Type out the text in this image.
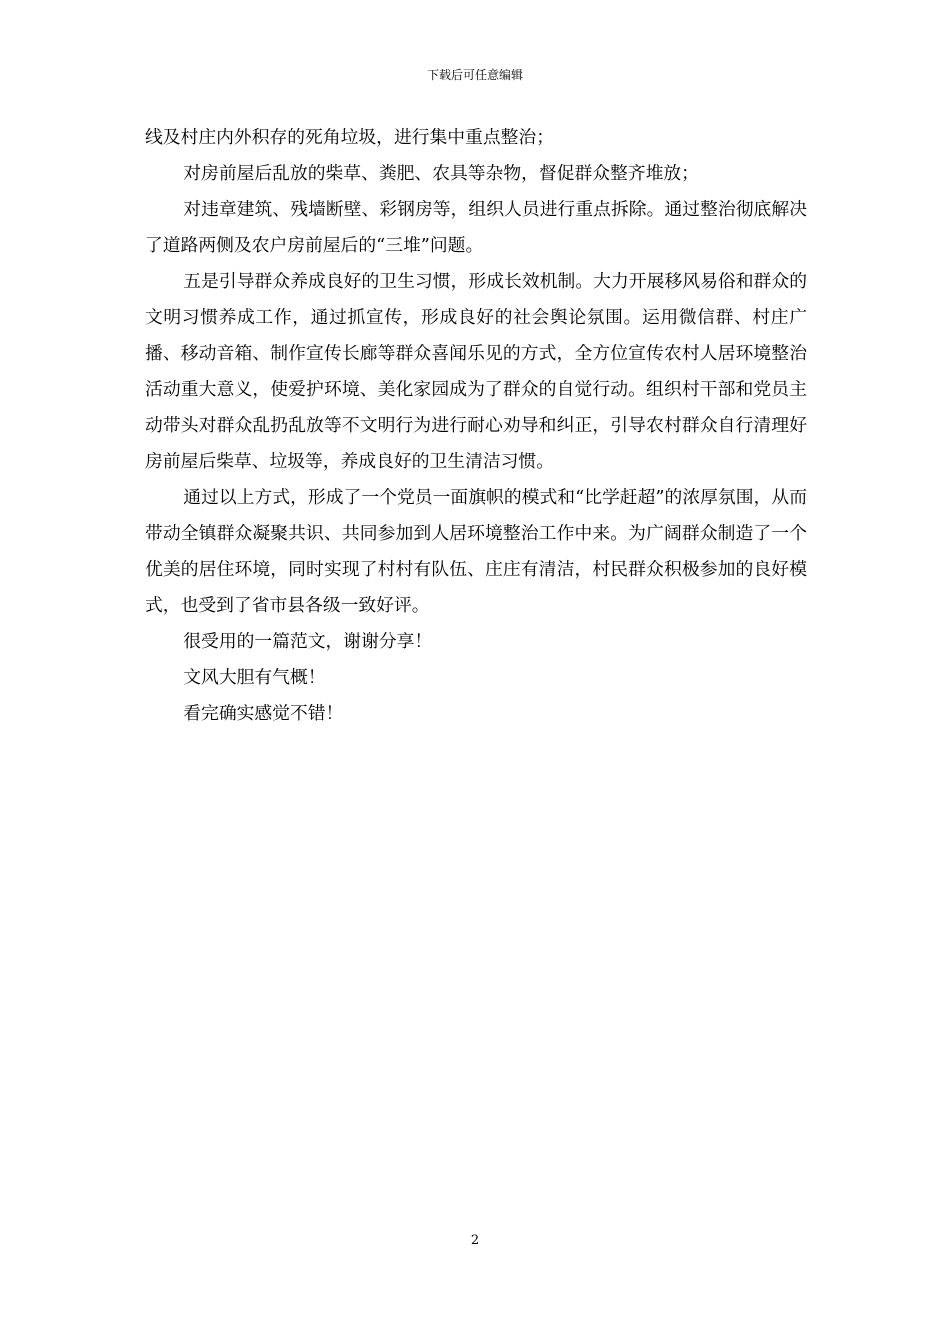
下载后可任意编辑

线及村庄内外积存的死角垃圾，进行集中重点整治；

对房前屋后乱放的柴草、粪肥、农具等杂物，督促群众整齐堆放；

对违章建筑、残墙断壁、彩钢房等，组织人员进行重点拆除。通过整治彻底解决了道路两侧及农户房前屋后的“三堆”问题。

五是引导群众养成良好的卫生习惯，形成长效机制。大力开展移风易俗和群众的文明习惯养成工作，通过抓宣传，形成良好的社会舆论氛围。运用微信群、村庄广播、移动音箱、制作宣传长廊等群众喜闻乐见的方式，全方位宣传农村人居环境整治活动重大意义，使爱护环境、美化家园成为了群众的自觉行动。组织村干部和党员主动带头对群众乱扔乱放等不文明行为进行耐心劝导和纠正，引导农村群众自行清理好房前屋后柴草、垃圾等，养成良好的卫生清洁习惯。

通过以上方式，形成了一个党员一面旗帜的模式和“比学赶超”的浓厚氛围，从而带动全镇群众凝聚共识、共同参加到人居环境整治工作中来。为广阔群众制造了一个优美的居住环境，同时实现了村村有队伍、庄庄有清洁，村民群众积极参加的良好模式，也受到了省市县各级一致好评。

很受用的一篇范文，谢谢分享！

文风大胆有气概！

看完确实感觉不错！

2
